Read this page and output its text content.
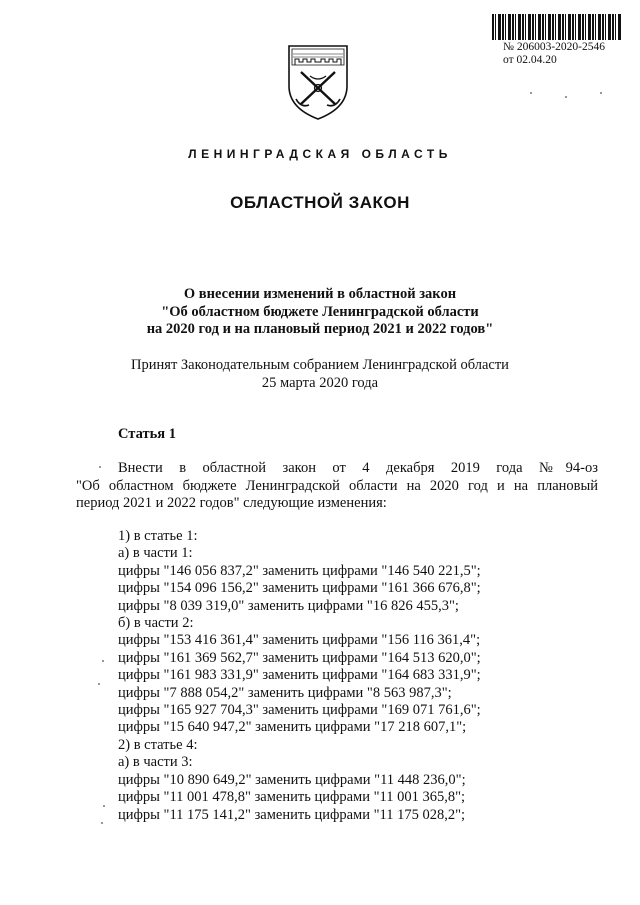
№ 206003-2020-2546
от 02.04.20
ЛЕНИНГРАДСКАЯ ОБЛАСТЬ
ОБЛАСТНОЙ ЗАКОН
О внесении изменений в областной закон
"Об областном бюджете Ленинградской области
на 2020 год и на плановый период 2021 и 2022 годов"
Принят Законодательным собранием Ленинградской области
25 марта 2020 года
Статья 1
Внести в областной закон от 4 декабря 2019 года №94-оз
"Об областном бюджете Ленинградской области на 2020 год и на плановый
период 2021 и 2022 годов" следующие изменения:
1) в статье 1:
а) в части 1:
цифры "146 056 837,2" заменить цифрами "146 540 221,5";
цифры "154 096 156,2" заменить цифрами "161 366 676,8";
цифры "8 039 319,0" заменить цифрами "16 826 455,3";
б) в части 2:
цифры "153 416 361,4" заменить цифрами "156 116 361,4";
цифры "161 369 562,7" заменить цифрами "164 513 620,0";
цифры "161 983 331,9" заменить цифрами "164 683 331,9";
цифры "7 888 054,2" заменить цифрами "8 563 987,3";
цифры "165 927 704,3" заменить цифрами "169 071 761,6";
цифры "15 640 947,2" заменить цифрами "17 218 607,1";
2) в статье 4:
а) в части 3:
цифры "10 890 649,2" заменить цифрами "11 448 236,0";
цифры "11 001 478,8" заменить цифрами "11 001 365,8";
цифры "11 175 141,2" заменить цифрами "11 175 028,2";
